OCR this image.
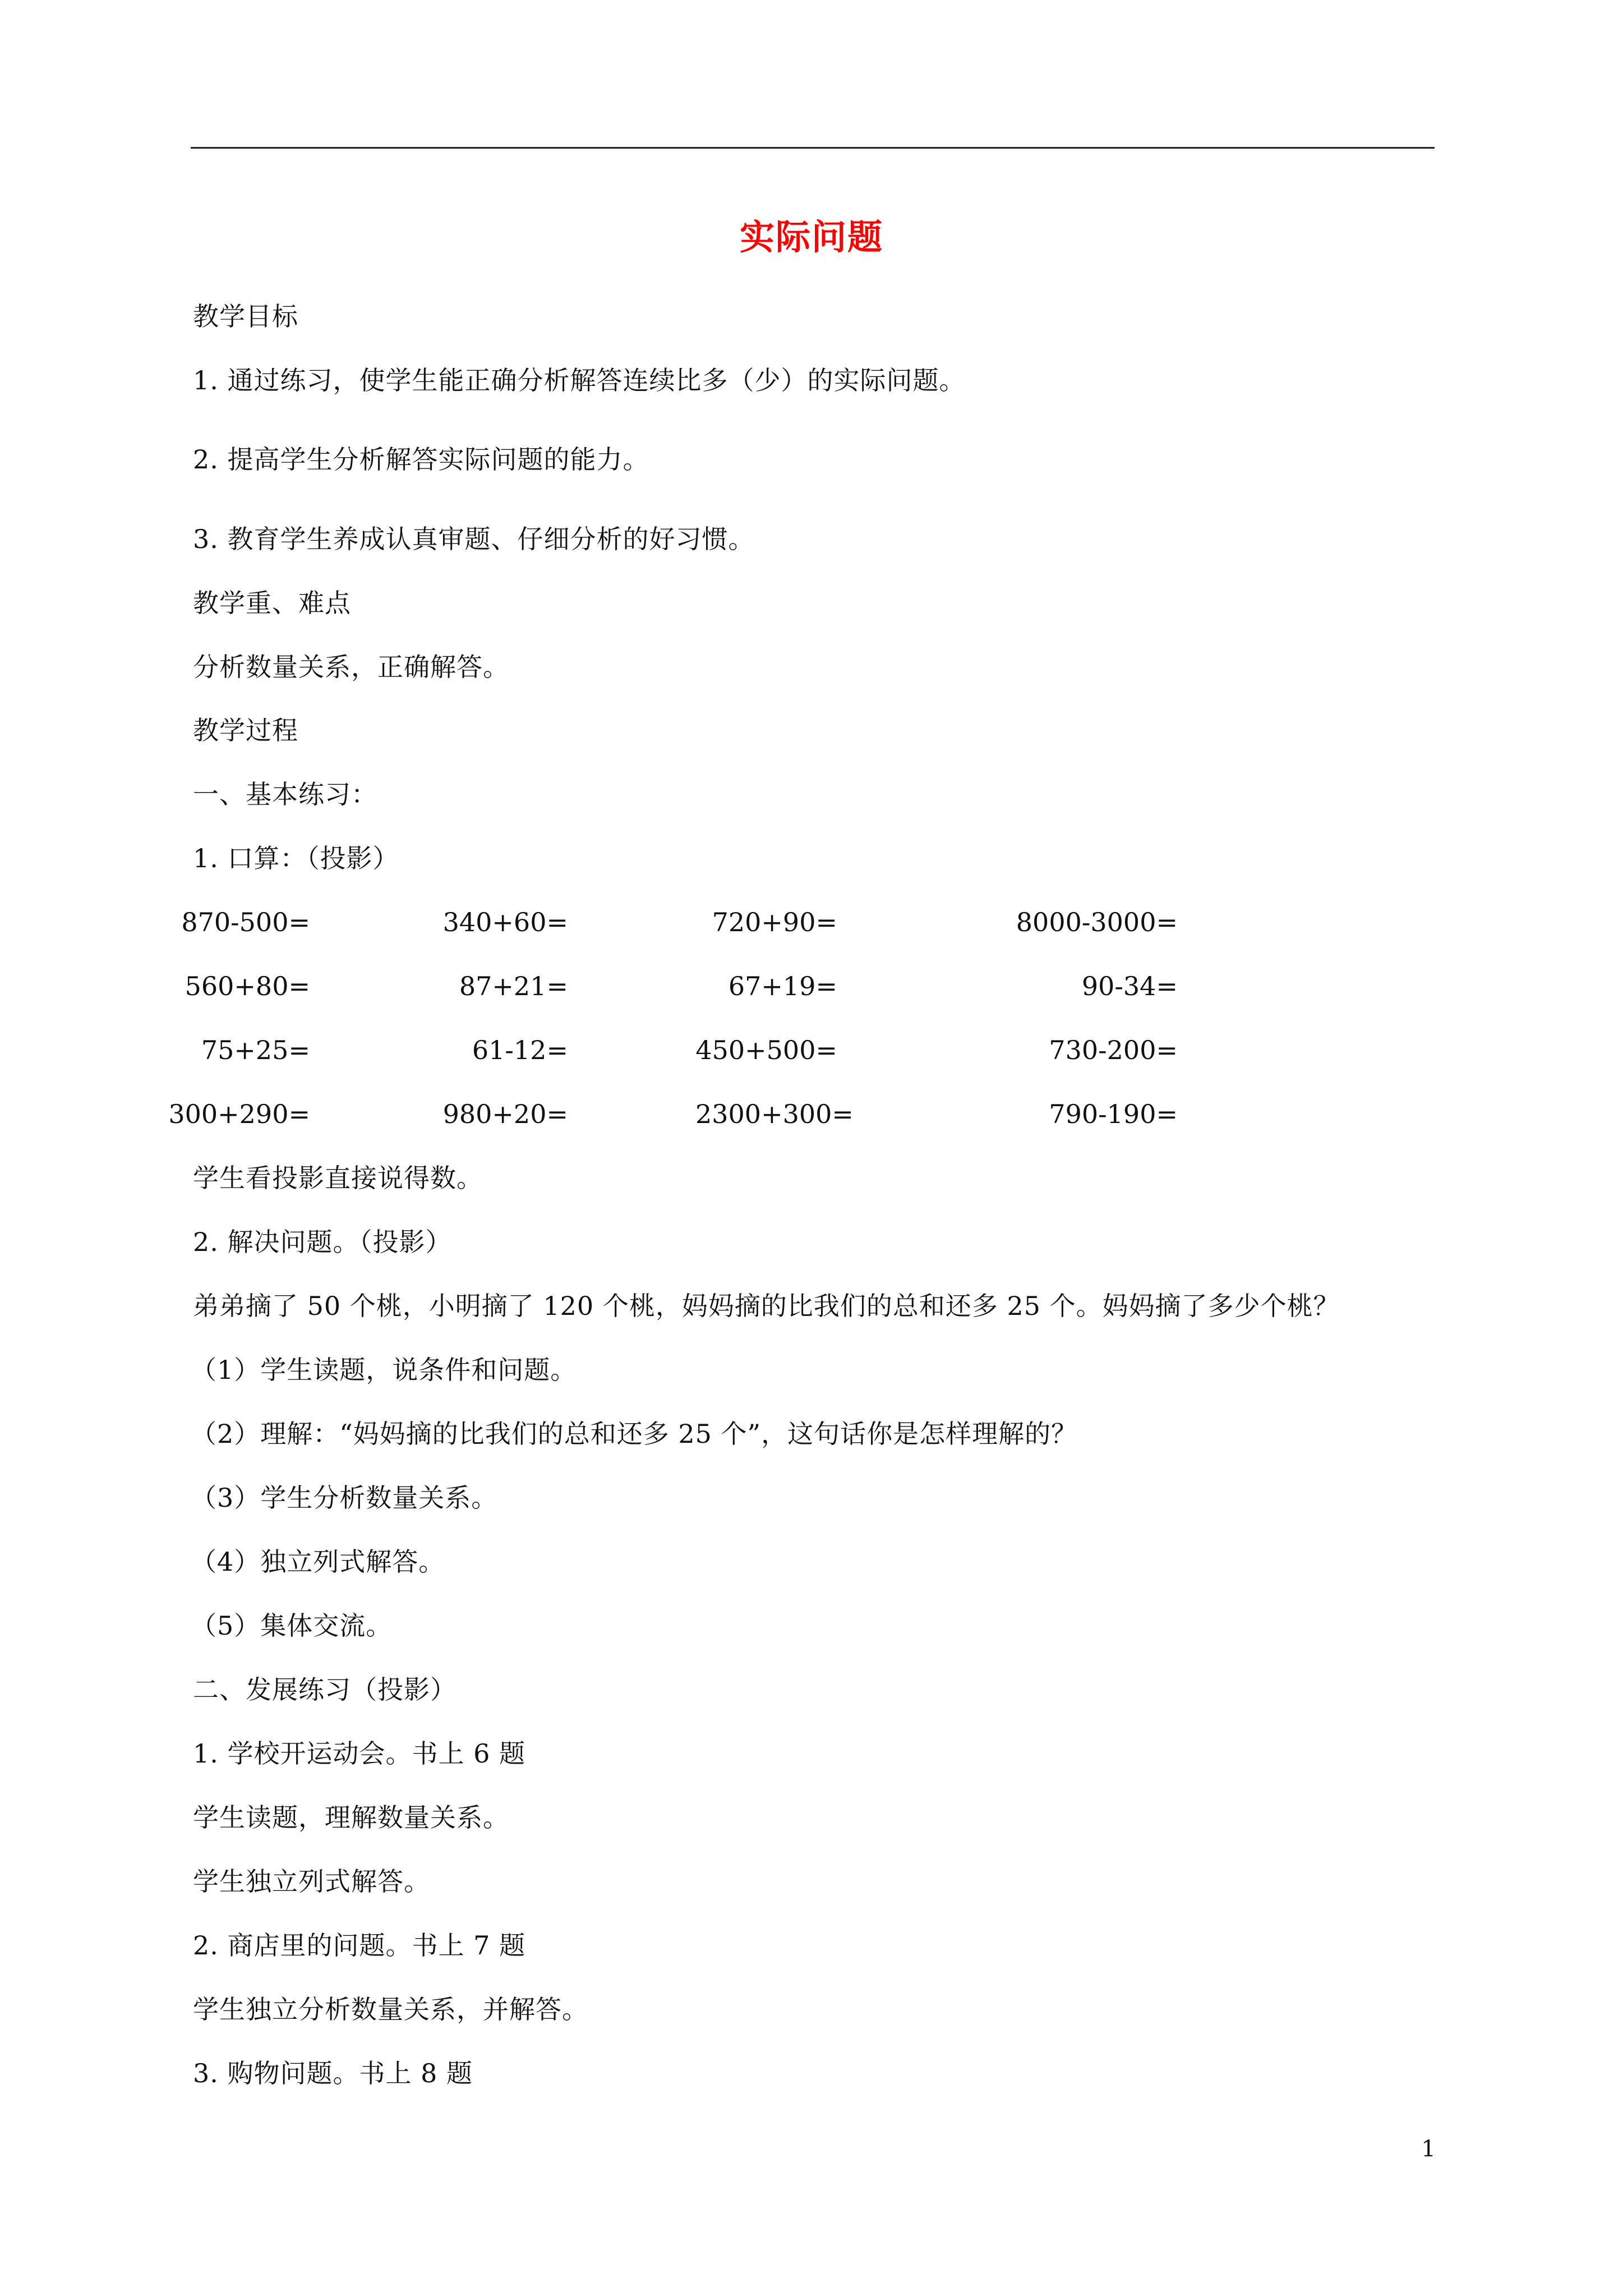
实际问题
教学目标
1. 通过练习，使学生能正确分析解答连续比多（少）的实际问题。
2. 提高学生分析解答实际问题的能力。
3. 教育学生养成认真审题、仔细分析的好习惯。
教学重、难点
分析数量关系，正确解答。
教学过程
一、基本练习：
1. 口算：（投影）
870-500=	340+60=	720+90=	8000-3000=
560+80=	87+21=	67+19=	90-34=
75+25=	61-12=	450+500=	730-200=
300+290=	980+20=	2300+300=	790-190=
学生看投影直接说得数。
2. 解决问题。（投影）
弟弟摘了 50 个桃，小明摘了 120 个桃，妈妈摘的比我们的总和还多 25 个。妈妈摘了多少个桃？
（1）学生读题，说条件和问题。
（2）理解：“妈妈摘的比我们的总和还多 25 个”，这句话你是怎样理解的？
（3）学生分析数量关系。
（4）独立列式解答。
（5）集体交流。
二、发展练习（投影）
1. 学校开运动会。书上 6 题
学生读题，理解数量关系。
学生独立列式解答。
2. 商店里的问题。书上 7 题
学生独立分析数量关系，并解答。
3. 购物问题。书上 8 题
1
